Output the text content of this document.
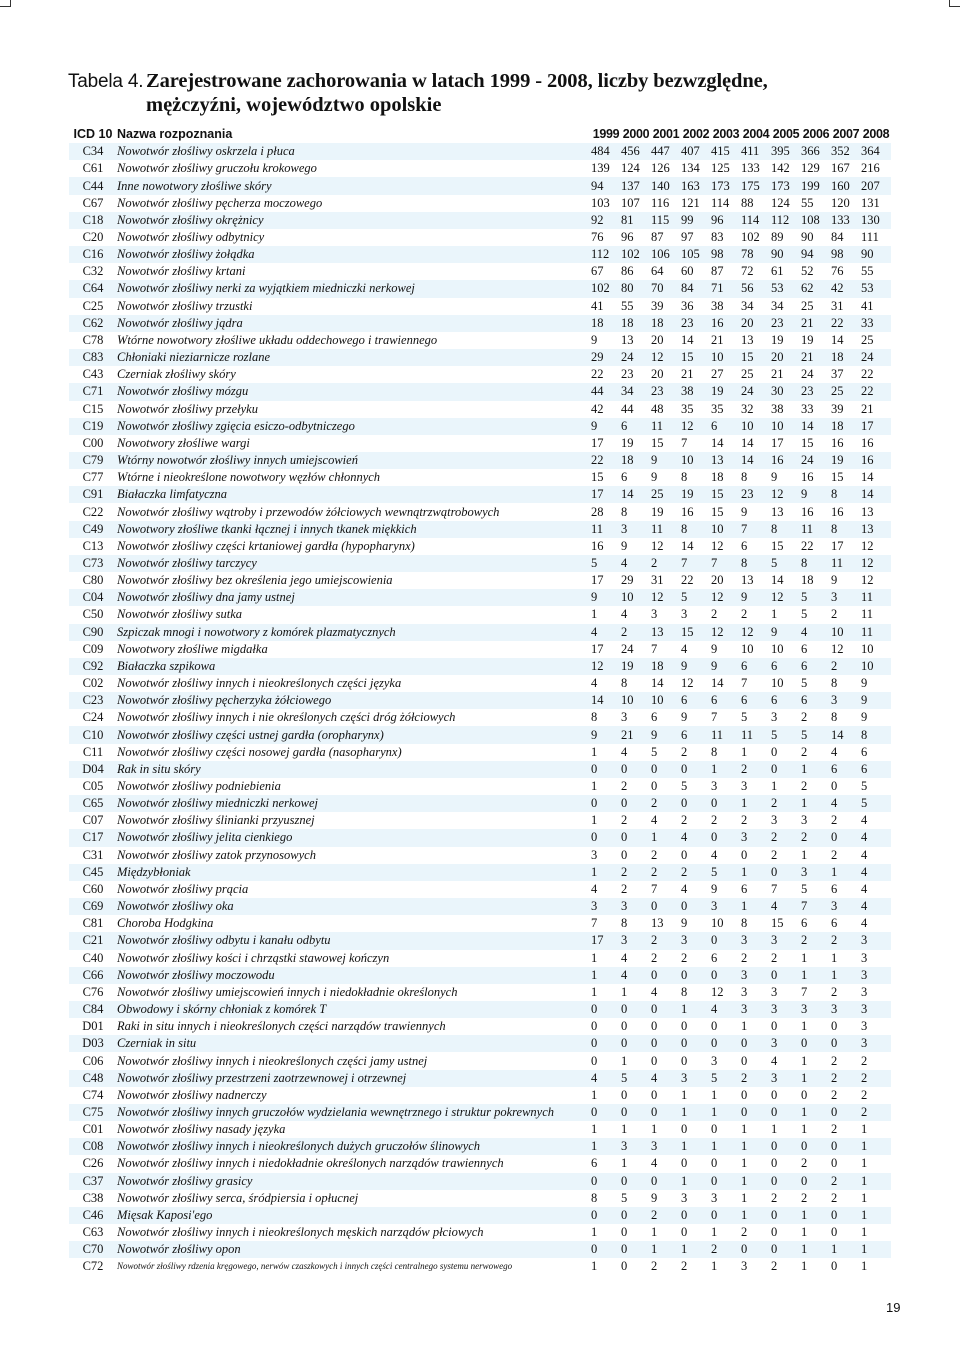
Tabela 4. Zarejestrowane zachorowania w latach 1999 - 2008, liczby bezwzględne,
mężczyźni, województwo opolskie
ICD 10	Nazwa rozpoznania	1999	2000	2001	2002	2003	2004	2005	2006	2007	2008
C34	Nowotwór złośliwy oskrzela i płuca	484	456	447	407	415	411	395	366	352	364
C61	Nowotwór złośliwy gruczołu krokowego	139	124	126	134	125	133	142	129	167	216
C44	Inne nowotwory złośliwe skóry	94	137	140	163	173	175	173	199	160	207
C67	Nowotwór złośliwy pęcherza moczowego	103	107	116	121	114	88	124	55	120	131
C18	Nowotwór złośliwy okrężnicy	92	81	115	99	96	114	112	108	133	130
C20	Nowotwór złośliwy odbytnicy	76	96	87	97	83	102	89	90	84	111
C16	Nowotwór złośliwy żołądka	112	102	106	105	98	78	90	94	98	90
C32	Nowotwór złośliwy krtani	67	86	64	60	87	72	61	52	76	55
C64	Nowotwór złośliwy nerki za wyjątkiem miedniczki nerkowej	102	80	70	84	71	56	53	62	42	53
C25	Nowotwór złośliwy trzustki	41	55	39	36	38	34	34	25	31	41
C62	Nowotwór złośliwy jądra	18	18	18	23	16	20	23	21	22	33
C78	Wtórne nowotwory złośliwe układu oddechowego i trawiennego	9	13	20	14	21	13	19	19	14	25
C83	Chłoniaki nieziarnicze rozlane	29	24	12	15	10	15	20	21	18	24
C43	Czerniak złośliwy skóry	22	23	20	21	27	25	21	24	37	22
C71	Nowotwór złośliwy mózgu	44	34	23	38	19	24	30	23	25	22
C15	Nowotwór złośliwy przełyku	42	44	48	35	35	32	38	33	39	21
C19	Nowotwór złośliwy zgięcia esiczo-odbytniczego	9	6	11	12	6	10	10	14	18	17
C00	Nowotwory złośliwe wargi	17	19	15	7	14	14	17	15	16	16
C79	Wtórny nowotwór złośliwy innych umiejscowień	22	18	9	10	13	14	16	24	19	16
C77	Wtórne i nieokreślone nowotwory węzłów chłonnych	15	6	9	8	18	8	9	16	15	14
C91	Białaczka limfatyczna	17	14	25	19	15	23	12	9	8	14
C22	Nowotwór złośliwy wątroby i przewodów żółciowych wewnątrzwątrobowych	28	8	19	16	15	9	13	16	16	13
C49	Nowotwory złośliwe tkanki łącznej i innych tkanek miękkich	11	3	11	8	10	7	8	11	8	13
C13	Nowotwór złośliwy części krtaniowej gardła (hypopharynx)	16	9	12	14	12	6	15	22	17	12
C73	Nowotwór złośliwy tarczycy	5	4	2	7	7	8	5	8	11	12
C80	Nowotwór złośliwy bez określenia jego umiejscowienia	17	29	31	22	20	13	14	18	9	12
C04	Nowotwór złośliwy dna jamy ustnej	9	10	12	5	12	9	12	5	3	11
C50	Nowotwór złośliwy sutka	1	4	3	3	2	2	1	5	2	11
C90	Szpiczak mnogi i nowotwory z komórek plazmatycznych	4	2	13	15	12	12	9	4	10	11
C09	Nowotwory złośliwe migdałka	17	24	7	4	9	10	10	6	12	10
C92	Białaczka szpikowa	12	19	18	9	9	6	6	6	2	10
C02	Nowotwór złośliwy innych i nieokreślonych części języka	4	8	14	12	14	7	10	5	8	9
C23	Nowotwór złośliwy pęcherzyka żółciowego	14	10	10	6	6	6	6	6	3	9
C24	Nowotwór złośliwy innych i nie określonych części dróg żółciowych	8	3	6	9	7	5	3	2	8	9
C10	Nowotwór złośliwy części ustnej gardła (oropharynx)	9	21	9	6	11	11	5	5	14	8
C11	Nowotwór złośliwy części nosowej gardła (nasopharynx)	1	4	5	2	8	1	0	2	4	6
D04	Rak in situ skóry	0	0	0	0	1	2	0	1	6	6
C05	Nowotwór złośliwy podniebienia	1	2	0	5	3	3	1	2	0	5
C65	Nowotwór złośliwy miedniczki nerkowej	0	0	2	0	0	1	2	1	4	5
C07	Nowotwór złośliwy ślinianki przyusznej	1	2	4	2	2	2	3	3	2	4
C17	Nowotwór złośliwy jelita cienkiego	0	0	1	4	0	3	2	2	0	4
C31	Nowotwór złośliwy zatok przynosowych	3	0	2	0	4	0	2	1	2	4
C45	Międzybłoniak	1	2	2	2	5	1	0	3	1	4
C60	Nowotwór złośliwy prącia	4	2	7	4	9	6	7	5	6	4
C69	Nowotwór złośliwy oka	3	3	0	0	3	1	4	7	3	4
C81	Choroba Hodgkina	7	8	13	9	10	8	15	6	6	4
C21	Nowotwór złośliwy odbytu i kanału odbytu	17	3	2	3	0	3	3	2	2	3
C40	Nowotwór złośliwy kości i chrząstki stawowej kończyn	1	4	2	2	6	2	2	1	1	3
C66	Nowotwór złośliwy moczowodu	1	4	0	0	0	3	0	1	1	3
C76	Nowotwór złośliwy umiejscowień innych i niedokładnie określonych	1	1	4	8	12	3	3	7	2	3
C84	Obwodowy i skórny chłoniak z komórek T	0	0	0	1	4	3	3	3	3	3
D01	Raki in situ innych i nieokreślonych części narządów trawiennych	0	0	0	0	0	1	0	1	0	3
D03	Czerniak in situ	0	0	0	0	0	0	3	0	0	3
C06	Nowotwór złośliwy innych i nieokreślonych części jamy ustnej	0	1	0	0	3	0	4	1	2	2
C48	Nowotwór złośliwy przestrzeni zaotrzewnowej i otrzewnej	4	5	4	3	5	2	3	1	2	2
C74	Nowotwór złośliwy nadnerczy	1	0	0	1	1	0	0	0	2	2
C75	Nowotwór złośliwy innych gruczołów wydzielania wewnętrznego i struktur pokrewnych	0	0	0	1	1	0	0	1	0	2
C01	Nowotwór złośliwy nasady języka	1	1	1	0	0	1	1	1	2	1
C08	Nowotwór złośliwy innych i nieokreślonych dużych gruczołów ślinowych	1	3	3	1	1	1	0	0	0	1
C26	Nowotwór złośliwy innych i niedokładnie określonych narządów trawiennych	6	1	4	0	0	1	0	2	0	1
C37	Nowotwór złośliwy grasicy	0	0	0	1	0	1	0	0	2	1
C38	Nowotwór złośliwy serca, śródpiersia i opłucnej	8	5	9	3	3	1	2	2	2	1
C46	Mięsak Kaposi'ego	0	0	2	0	0	1	0	1	0	1
C63	Nowotwór złośliwy innych i nieokreślonych męskich narządów płciowych	1	0	1	0	1	2	0	1	0	1
C70	Nowotwór złośliwy opon	0	0	1	1	2	0	0	1	1	1
C72	Nowotwór złośliwy rdzenia kręgowego, nerwów czaszkowych i innych części centralnego systemu nerwowego	1	0	2	2	1	3	2	1	0	1
19
